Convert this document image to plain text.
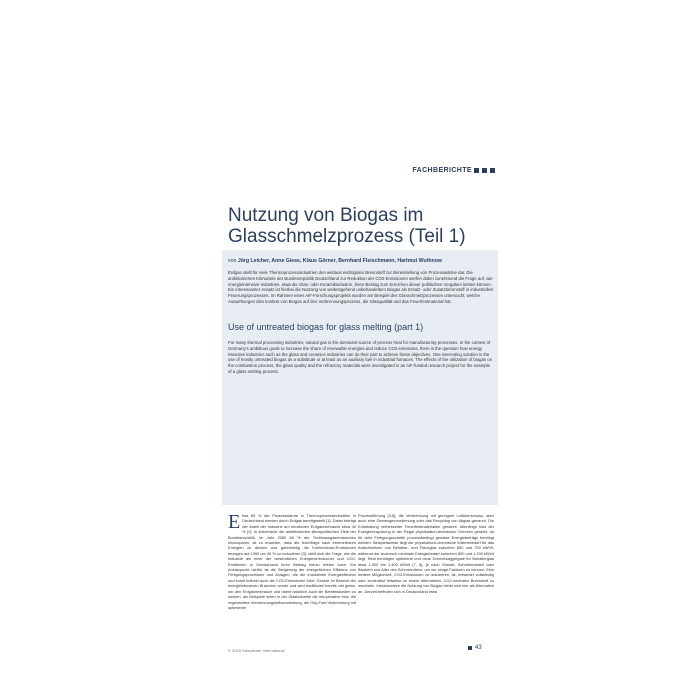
FACHBERICHTE
Nutzung von Biogas im Glasschmelzprozess (Teil 1)

von Jörg Leicher, Anne Giese, Klaus Görner, Bernhard Fleischmann, Hartmut Wuthnow

Erdgas stellt für viele Thermoprozessindustrien den weitaus wichtigsten Brennstoff zur Bereitstellung von Prozesswärme dar. Die ambitionierten Klimaziele der Bundesrepublik Deutschland zur Reduktion der CO2-Emissionen werfen dabei zunehmend die Frage auf, wie energieintensive Industrien, etwa die Glas- oder Keramikindustrie, ihren Beitrag zum Erreichen dieser politischen Vorgaben leisten können. Ein interessanter Ansatz ist hierbei die Nutzung von weitestgehend unbehandeltem Biogas als Ersatz- oder Zusatzbrennstoff in industriellen Feuerungsprozessen. Im Rahmen eines AiF-Forschungsprojekts wurden am Beispiel des Glasschmelzprozesses untersucht, welche Auswirkungen dies konkret von Biogas auf den Verbrennungsprozess, die Glasqualität und das Feuerfestmaterial hat.

Use of untreated biogas for glass melting (part 1)

For many thermal processing industries, natural gas is the dominant source of process heat for manufacturing processes. In the context of Germany's ambitious goals to increase the share of renewable energies and reduce CO2 emissions, there is the question how energy intensive industries such as the glass and ceramics industries can do their part to achieve these objectives. One interesting solution is the use of mostly untreated biogas as a substitute or at least as an auxiliary fuel in industrial furnaces. The effects of the utilization of biogas on the combustion process, the glass quality and the refractory materials were investigated in an AiF-funded research project for the example of a glass melting process.

Etwa 65 % der Prozesswärme in Thermoprozessindustrien in Deutschland werden durch Erdgas bereitgestellt [1]. Dabei beträgt der Anteil der Industrie am deutschen Erdgasverbrauch etwa 40 % [2]. In Anbetracht der ambitionierten klimapolitischen Ziele der Bundesrepublik, im Jahr 2050 80 % der Treibhausgasemissionen einzusparen, ist zu erwarten, dass die Nachfrage nach erneuerbaren Energien zu decken und gleichzeitig die Kohlendioxid-Emissionen bezogen auf 1990 um 40 % zu reduzieren [3], stellt sich die Frage, wie die Industrie als einer der wesentlichen Energieverbraucher und CO2-Emittenten in Deutschland ihren Beitrag hierzu leisten kann. Ein Ansatzpunkt hierfür ist die Steigerung der energetischen Effizienz von Fertigungsprozessen und Anlagen, die die industrielle Energieeffizienz und somit indirekt auch die CO2-Emissionen führt. Gerade im Bereich der energieintensiven Branchen wurde und wird traditionell bereits viel getan, um den Erdgasverbrauch und damit natürlich auch die Betriebskosten zu senken, als Beispiele seien in der Glasindustrie die rekuperative bzw. die regenerative Verbrennungsluftvorwärmung, die Oxy-Fuel-Verbrennung mit optimierter

Prozessführung [4-6], die Verbrennung mit geringem Luftüberschuss, aber auch eine Gemengevorwärmung oder das Recycling von Altglas genannt. Die Entwicklung verbesserter Feuerfestmaterialien genannt. Allerdings sind der Energieeinsparung in der Regel physikalisch-technische Grenzen gesetzt, da für viele Fertigungsschritte prozessbedingt gewisse Energiebeträge benötigt werden. Beispielsweise liegt der physikalisch-chemische Wärmebedarf für das Aufschmelzen von Behälter- und Flachglas zwischen 650 und 750 kWh/t, während der technisch minimale Energiebedarf zwischen 800 und 1.200 kWh/t liegt. Real benötigen optimierte und neue Schmelzaggregate für Behälterglas etwa 1.000 bis 1.400 kWh/t [7, 8], je nach Glasart, Scherbenanteil oder Bauform und Alter des Schmelzofens, um nur einige Faktoren zu nennen. Eine weitere Möglichkeit, CO2-Emissionen zu reduzieren, ist, entweder vollständig oder zumindest teilweise zu einem alternativen, CO2-neutralen Brennstoff zu wechseln. Insbesondere die Nutzung von Biogas bietet sich hier als Alternative an. Derzeit befinden sich in Deutschland etwa

© 2016 Gaswärme International	43
